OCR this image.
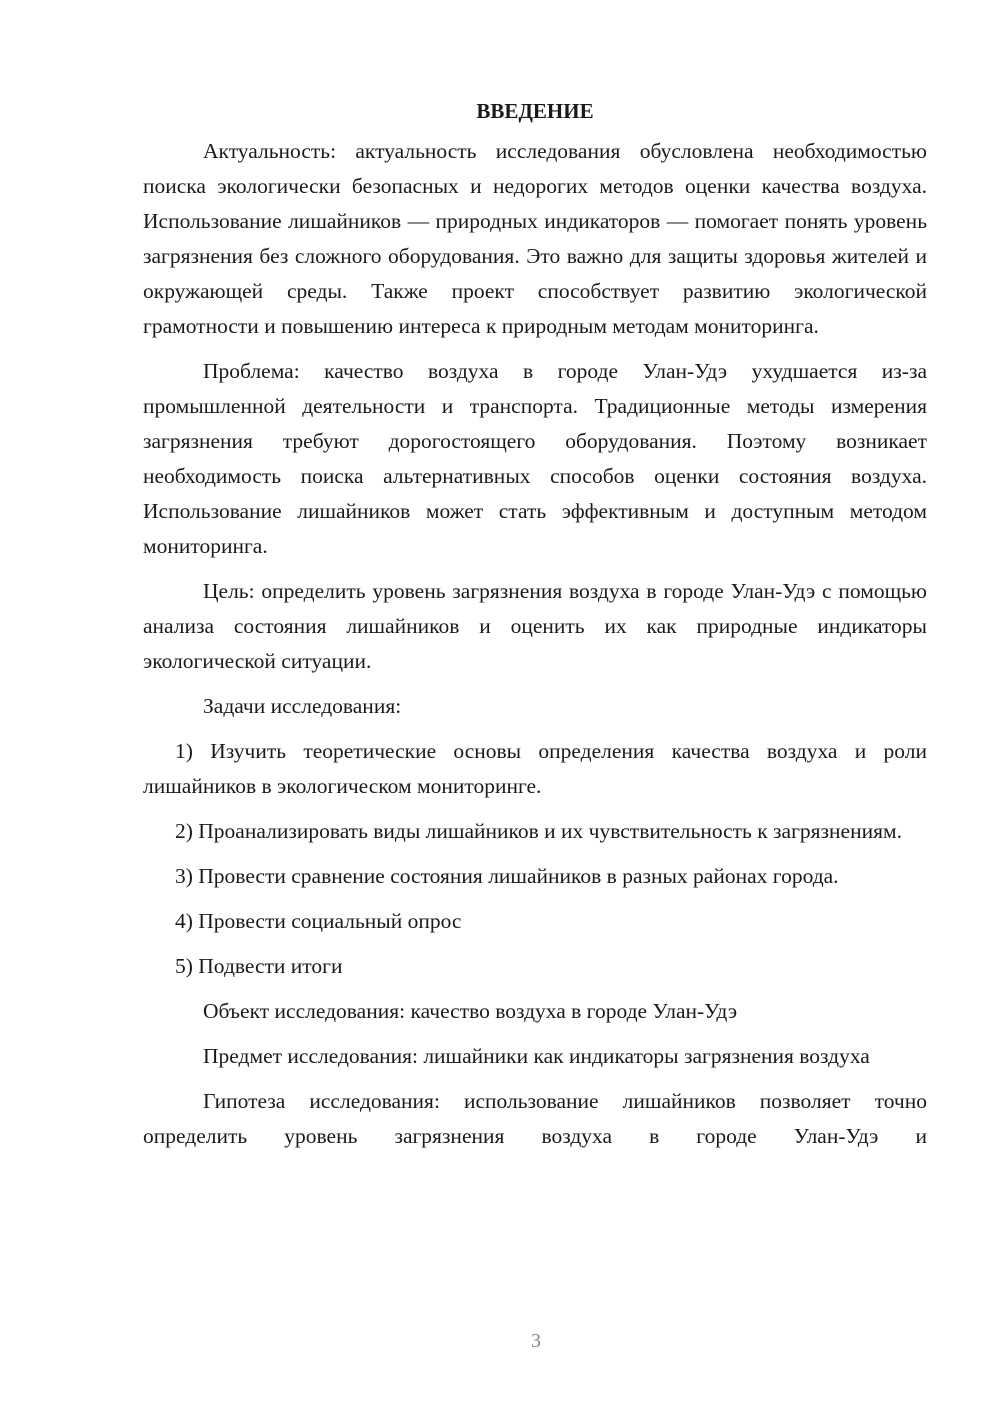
ВВЕДЕНИЕ

Актуальность: актуальность исследования обусловлена необходимостью поиска экологически безопасных и недорогих методов оценки качества воздуха. Использование лишайников — природных индикаторов — помогает понять уровень загрязнения без сложного оборудования. Это важно для защиты здоровья жителей и окружающей среды. Также проект способствует развитию экологической грамотности и повышению интереса к природным методам мониторинга.

Проблема: качество воздуха в городе Улан-Удэ ухудшается из-за промышленной деятельности и транспорта. Традиционные методы измерения загрязнения требуют дорогостоящего оборудования. Поэтому возникает необходимость поиска альтернативных способов оценки состояния воздуха. Использование лишайников может стать эффективным и доступным методом мониторинга.

Цель: определить уровень загрязнения воздуха в городе Улан-Удэ с помощью анализа состояния лишайников и оценить их как природные индикаторы экологической ситуации.

Задачи исследования:

1) Изучить теоретические основы определения качества воздуха и роли лишайников в экологическом мониторинге.

2) Проанализировать виды лишайников и их чувствительность к загрязнениям.

3) Провести сравнение состояния лишайников в разных районах города.

4) Провести социальный опрос

5) Подвести итоги

Объект исследования: качество воздуха в городе Улан-Удэ

Предмет исследования: лишайники как индикаторы загрязнения воздуха

Гипотеза исследования: использование лишайников позволяет точно определить уровень загрязнения воздуха в городе Улан-Удэ и

3
